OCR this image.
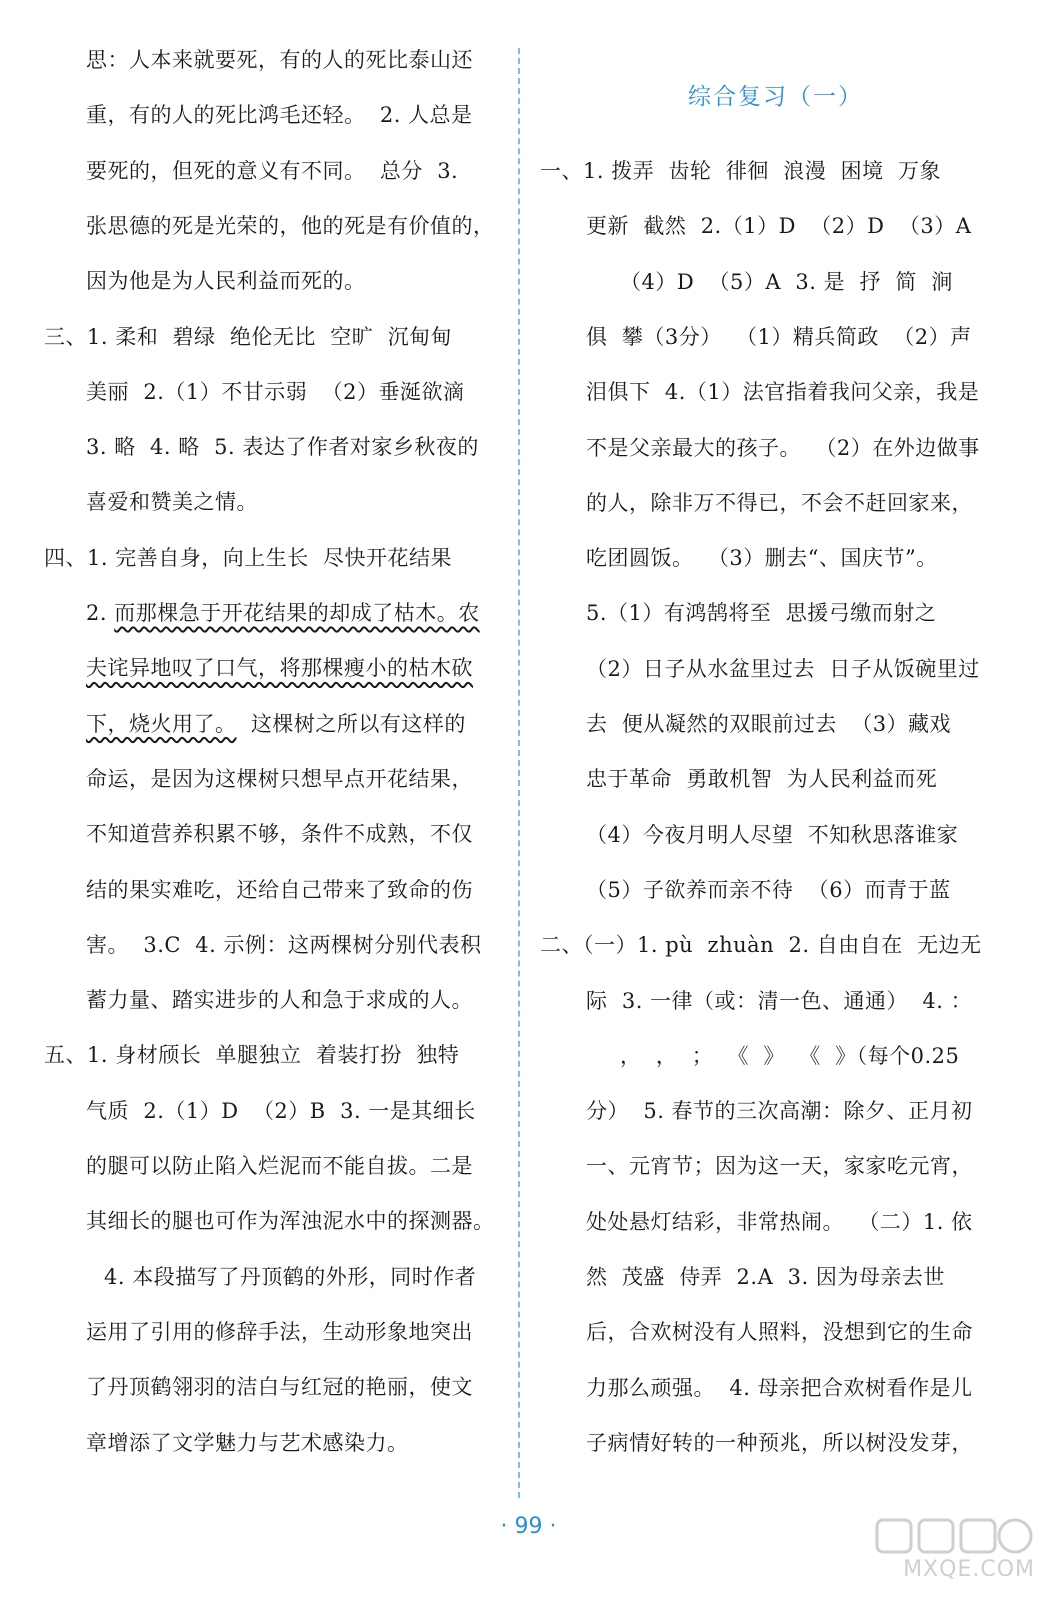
思：人本来就要死，有的人的死比泰山还
重，有的人的死比鸿毛还轻。  2. 人总是
要死的，但死的意义有不同。  总分  3.
张思德的死是光荣的，他的死是有价值的，
因为他是为人民利益而死的。
三、1. 柔和  碧绿  绝伦无比  空旷  沉甸甸
美丽  2.（1）不甘示弱  （2）垂涎欲滴
3. 略  4. 略  5. 表达了作者对家乡秋夜的
喜爱和赞美之情。
四、1. 完善自身，向上生长  尽快开花结果
2. 而那棵急于开花结果的却成了枯木。农
夫诧异地叹了口气，将那棵瘦小的枯木砍
下，烧火用了。  这棵树之所以有这样的
命运，是因为这棵树只想早点开花结果，
不知道营养积累不够，条件不成熟，不仅
结的果实难吃，还给自己带来了致命的伤
害。  3.C  4. 示例：这两棵树分别代表积
蓄力量、踏实进步的人和急于求成的人。
五、1. 身材颀长  单腿独立  着装打扮  独特
气质  2.（1）D  （2）B  3. 一是其细长
的腿可以防止陷入烂泥而不能自拔。二是
其细长的腿也可作为浑浊泥水中的探测器。
4. 本段描写了丹顶鹤的外形，同时作者
运用了引用的修辞手法，生动形象地突出
了丹顶鹤翎羽的洁白与红冠的艳丽，使文
章增添了文学魅力与艺术感染力。
综合复习（一）
一、1. 拨弄  齿轮  徘徊  浪漫  困境  万象
更新  截然  2.（1）D  （2）D  （3）A
（4）D  （5）A  3. 是  抒  简  涧
俱  攀（3分）  （1）精兵简政  （2）声
泪俱下  4.（1）法官指着我问父亲，我是
不是父亲最大的孩子。  （2）在外边做事
的人，除非万不得已，不会不赶回家来，
吃团圆饭。  （3）删去“、国庆节”。
5.（1）有鸿鹄将至  思援弓缴而射之
（2）日子从水盆里过去  日子从饭碗里过
去  便从凝然的双眼前过去  （3）藏戏
忠于革命  勇敢机智  为人民利益而死
（4）今夜月明人尽望  不知秋思落谁家
（5）子欲养而亲不待  （6）而青于蓝
二、（一）1. pù  zhuàn  2. 自由自在  无边无
际  3. 一律（或：清一色、通通）  4. ：
，  ，  ；  《  》  《  》（每个0.25
分）  5. 春节的三次高潮：除夕、正月初
一、元宵节；因为这一天，家家吃元宵，
处处悬灯结彩，非常热闹。  （二）1. 依
然  茂盛  侍弄  2.A  3. 因为母亲去世
后，合欢树没有人照料，没想到它的生命
力那么顽强。  4. 母亲把合欢树看作是儿
子病情好转的一种预兆，所以树没发芽，
· 99 ·
MXQE.COM
